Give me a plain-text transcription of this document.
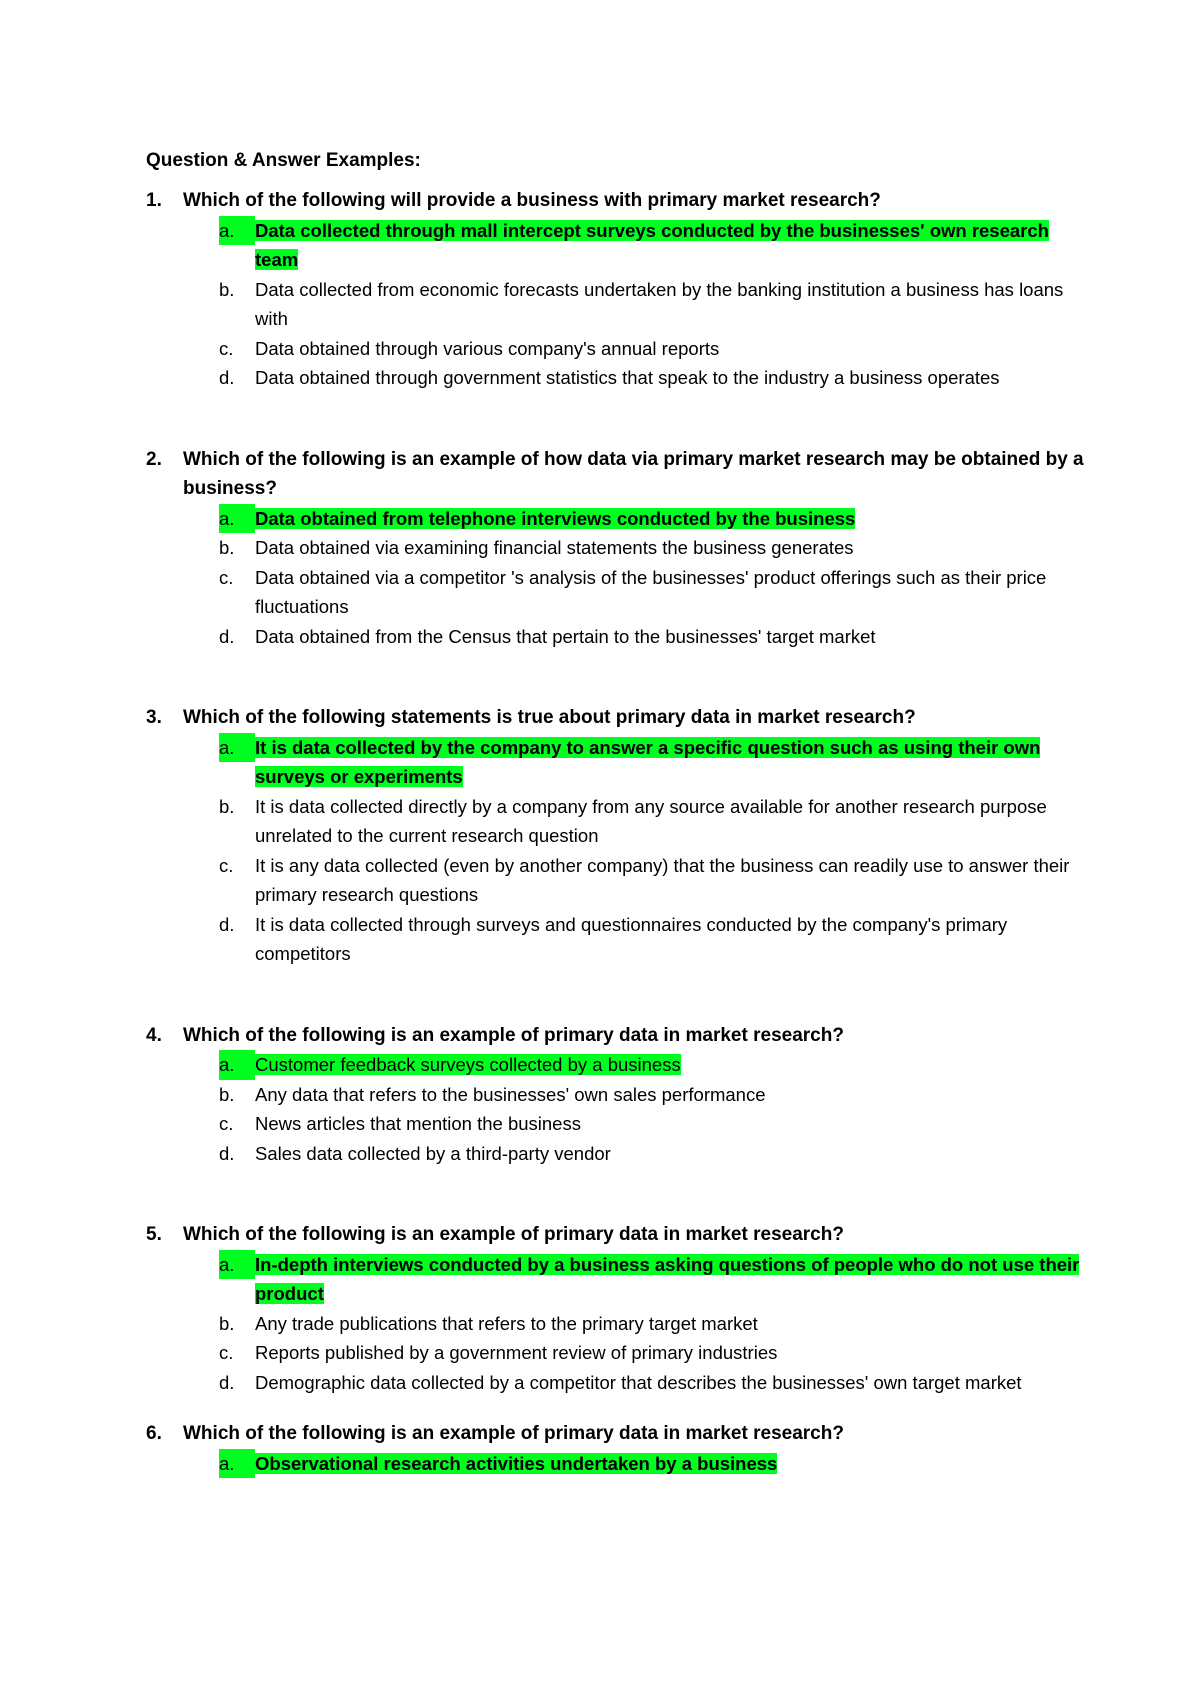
Question & Answer Examples:
1.	Which of the following will provide a business with primary market research?
a.	Data collected through mall intercept surveys conducted by the businesses' own research team
b.	Data collected from economic forecasts undertaken by the banking institution a business has loans with
c.	Data obtained through various company's annual reports
d.	Data obtained through government statistics that speak to the industry a business operates
2.	Which of the following is an example of how data via primary market research may be obtained by a business?
a.	Data obtained from telephone interviews conducted by the business
b.	Data obtained via examining financial statements the business generates
c.	Data obtained via a competitor 's analysis of the businesses' product offerings such as their price fluctuations
d.	Data obtained from the Census that pertain to the businesses' target market
3.	Which of the following statements is true about primary data in market research?
a.	It is data collected by the company to answer a specific question such as using their own surveys or experiments
b.	It is data collected directly by a company from any source available for another research purpose unrelated to the current research question
c.	It is any data collected (even by another company) that the business can readily use to answer their primary research questions
d.	It is data collected through surveys and questionnaires conducted by the company's primary competitors
4.	Which of the following is an example of primary data in market research?
a.	Customer feedback surveys collected by a business
b.	Any data that refers to the businesses' own sales performance
c.	News articles that mention the business
d.	Sales data collected by a third-party vendor
5.	Which of the following is an example of primary data in market research?
a.	In-depth interviews conducted by a business asking questions of people who do not use their product
b.	Any trade publications that refers to the primary target market
c.	Reports published by a government review of primary industries
d.	Demographic data collected by a competitor that describes the businesses' own target market
6.	Which of the following is an example of primary data in market research?
a.	Observational research activities undertaken by a business
